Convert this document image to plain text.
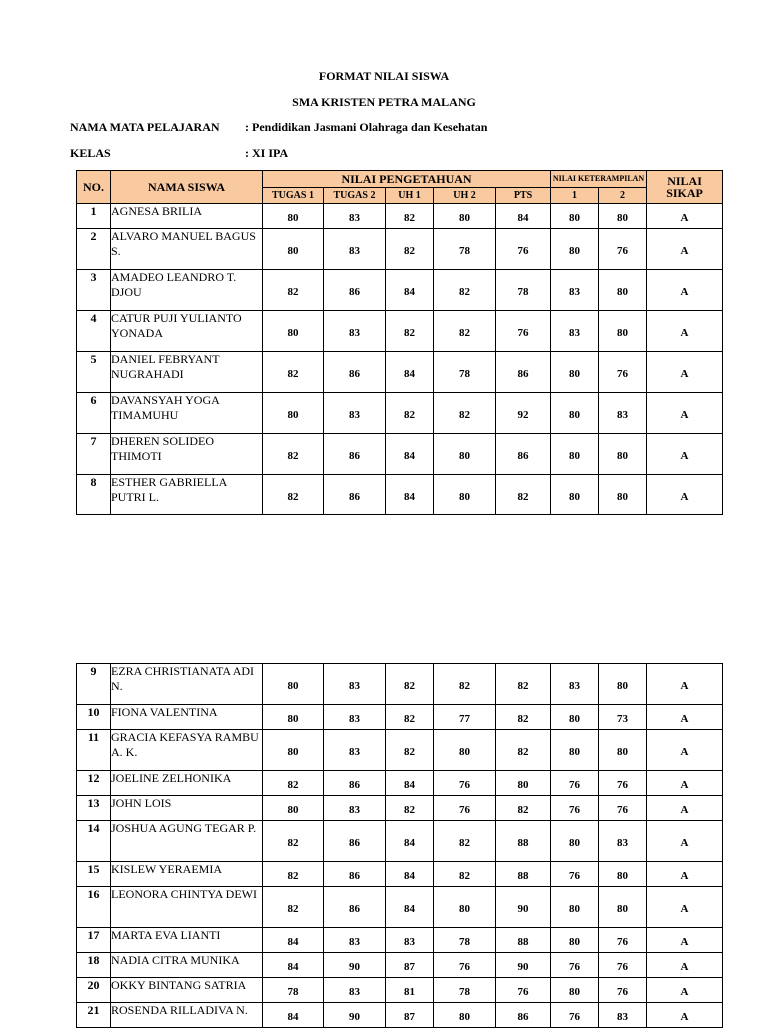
FORMAT NILAI SISWA
SMA KRISTEN PETRA MALANG
NAMA MATA PELAJARAN : Pendidikan Jasmani Olahraga dan Kesehatan
KELAS	: XI IPA
NO.	NAMA SISWA	NILAI PENGETAHUAN					NILAI KETERAMPILAN		NILAI SIKAP
		TUGAS 1	TUGAS 2	UH 1	UH 2	PTS	1	2	
1	AGNESA BRILIA	80	83	82	80	84	80	80	A
2	ALVARO MANUEL BAGUS S.	80	83	82	78	76	80	76	A
3	AMADEO LEANDRO T. DJOU	82	86	84	82	78	83	80	A
4	CATUR PUJI YULIANTO YONADA	80	83	82	82	76	83	80	A
5	DANIEL FEBRYANT NUGRAHADI	82	86	84	78	86	80	76	A
6	DAVANSYAH YOGA TIMAMUHU	80	83	82	82	92	80	83	A
7	DHEREN SOLIDEO THIMOTI	82	86	84	80	86	80	80	A
8	ESTHER GABRIELLA PUTRI L.	82	86	84	80	82	80	80	A
9	EZRA CHRISTIANATA ADI N.	80	83	82	82	82	83	80	A
10	FIONA VALENTINA	80	83	82	77	82	80	73	A
11	GRACIA KEFASYA RAMBU A. K.	80	83	82	80	82	80	80	A
12	JOELINE ZELHONIKA	82	86	84	76	80	76	76	A
13	JOHN LOIS	80	83	82	76	82	76	76	A
14	JOSHUA AGUNG TEGAR P.	82	86	84	82	88	80	83	A
15	KISLEW YERAEMIA	82	86	84	82	88	76	80	A
16	LEONORA CHINTYA DEWI	82	86	84	80	90	80	80	A
17	MARTA EVA LIANTI	84	83	83	78	88	80	76	A
18	NADIA CITRA MUNIKA	84	90	87	76	90	76	76	A
20	OKKY BINTANG SATRIA	78	83	81	78	76	80	76	A
21	ROSENDA RILLADIVA N.	84	90	87	80	86	76	83	A
